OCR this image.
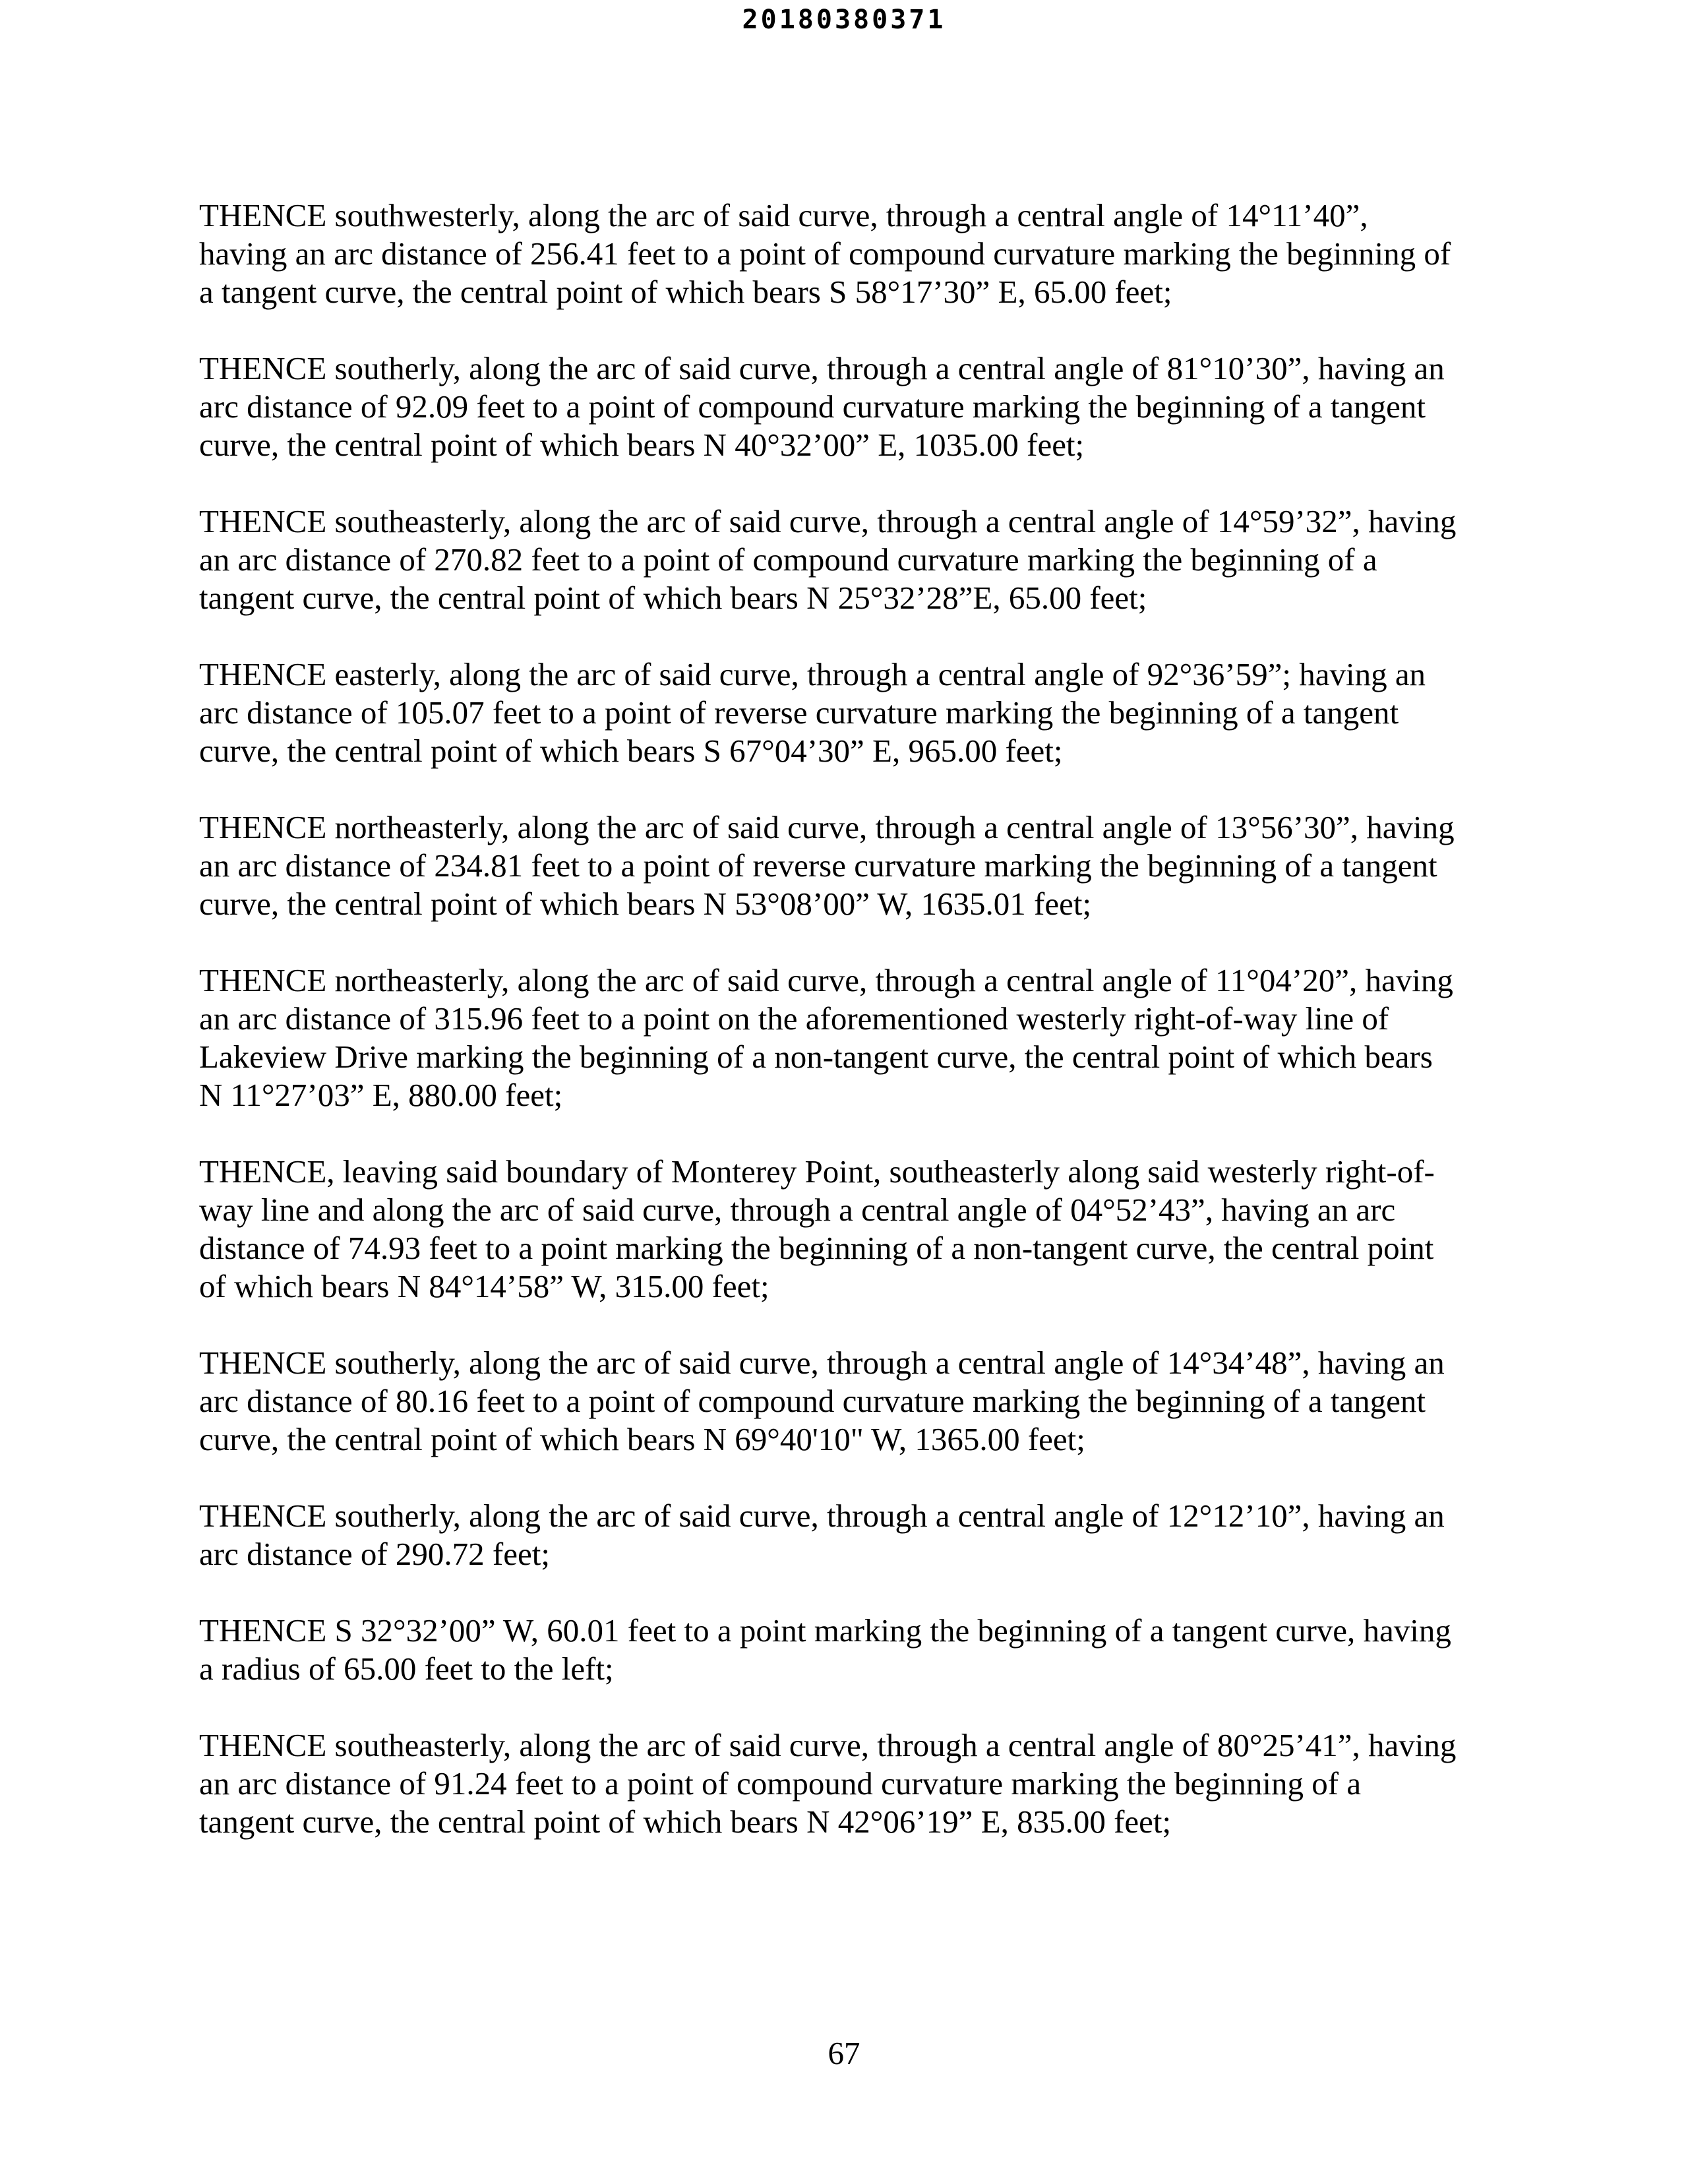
20180380371

THENCE southwesterly, along the arc of said curve, through a central angle of 14°11’40”,
having an arc distance of 256.41 feet to a point of compound curvature marking the beginning of
a tangent curve, the central point of which bears S 58°17’30” E, 65.00 feet;

THENCE southerly, along the arc of said curve, through a central angle of 81°10’30”, having an
arc distance of 92.09 feet to a point of compound curvature marking the beginning of a tangent
curve, the central point of which bears N 40°32’00” E, 1035.00 feet;

THENCE southeasterly, along the arc of said curve, through a central angle of 14°59’32”, having
an arc distance of 270.82 feet to a point of compound curvature marking the beginning of a
tangent curve, the central point of which bears N 25°32’28”E, 65.00 feet;

THENCE easterly, along the arc of said curve, through a central angle of 92°36’59”; having an
arc distance of 105.07 feet to a point of reverse curvature marking the beginning of a tangent
curve, the central point of which bears S 67°04’30” E, 965.00 feet;

THENCE northeasterly, along the arc of said curve, through a central angle of 13°56’30”, having
an arc distance of 234.81 feet to a point of reverse curvature marking the beginning of a tangent
curve, the central point of which bears N 53°08’00” W, 1635.01 feet;

THENCE northeasterly, along the arc of said curve, through a central angle of 11°04’20”, having
an arc distance of 315.96 feet to a point on the aforementioned westerly right-of-way line of
Lakeview Drive marking the beginning of a non-tangent curve, the central point of which bears
N 11°27’03” E, 880.00 feet;

THENCE, leaving said boundary of Monterey Point, southeasterly along said westerly right-of-
way line and along the arc of said curve, through a central angle of 04°52’43”, having an arc
distance of 74.93 feet to a point marking the beginning of a non-tangent curve, the central point
of which bears N 84°14’58” W, 315.00 feet;

THENCE southerly, along the arc of said curve, through a central angle of 14°34’48”, having an
arc distance of 80.16 feet to a point of compound curvature marking the beginning of a tangent
curve, the central point of which bears N 69°40'10" W, 1365.00 feet;

THENCE southerly, along the arc of said curve, through a central angle of 12°12’10”, having an
arc distance of 290.72 feet;

THENCE S 32°32’00” W, 60.01 feet to a point marking the beginning of a tangent curve, having
a radius of 65.00 feet to the left;

THENCE southeasterly, along the arc of said curve, through a central angle of 80°25’41”, having
an arc distance of 91.24 feet to a point of compound curvature marking the beginning of a
tangent curve, the central point of which bears N 42°06’19” E, 835.00 feet;

67
